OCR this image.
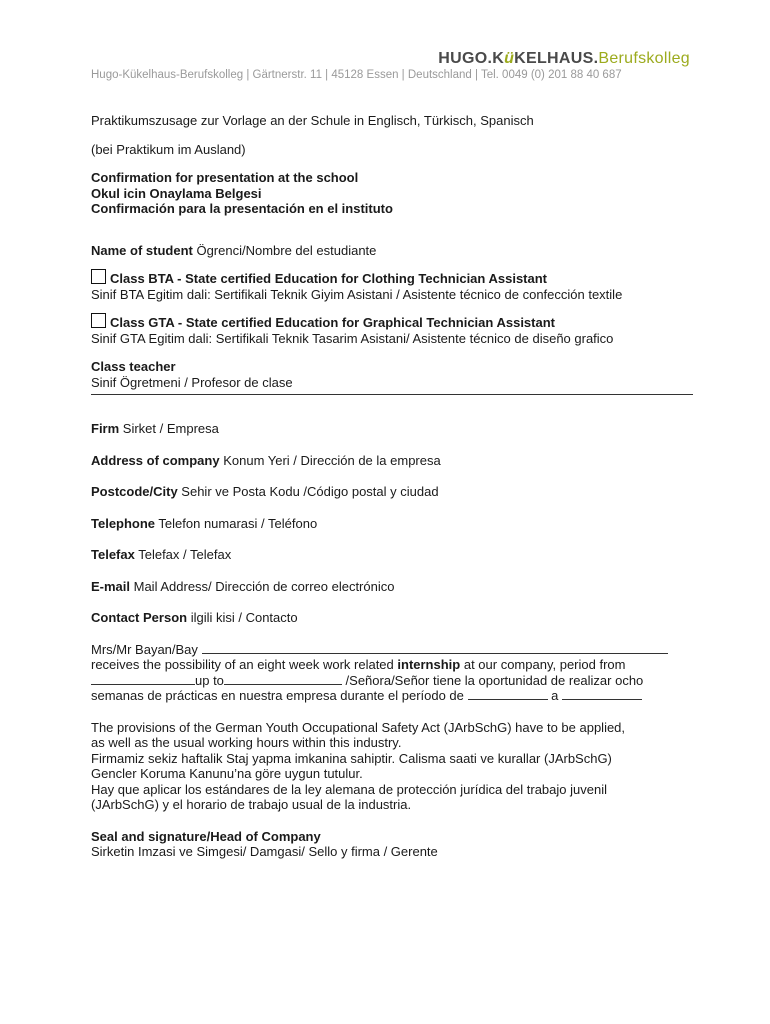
HUGO.KüKELHAUS.Berufskolleg
Hugo-Kükelhaus-Berufskolleg | Gärtnerstr. 11 | 45128 Essen | Deutschland | Tel. 0049 (0) 201 88 40 687

Praktikumszusage zur Vorlage an der Schule in Englisch, Türkisch, Spanisch

(bei Praktikum im Ausland)

Confirmation for presentation at the school

Okul icin Onaylama Belgesi

Confirmación para la presentación en el instituto

Name of student Ögrenci/Nombre del estudiante

Class BTA - State certified Education for Clothing Technician Assistant

Sinif BTA Egitim dali: Sertifikali Teknik Giyim Asistani / Asistente técnico de confección textile

Class GTA - State certified Education for Graphical Technician Assistant

Sinif GTA Egitim dali: Sertifikali Teknik Tasarim Asistani/ Asistente técnico de diseño grafico

Class teacher

Sinif Ögretmeni / Profesor de clase

Firm Sirket / Empresa

Address of company Konum Yeri / Dirección de la empresa

Postcode/City Sehir ve Posta Kodu /Código postal y ciudad

Telephone Telefon numarasi / Teléfono

Telefax Telefax / Telefax

E-mail Mail Address/ Dirección de correo electrónico

Contact Person ilgili kisi / Contacto

Mrs/Mr Bayan/Bay

receives the possibility of an eight week work related internship at our company, period from

up to	/Señora/Señor tiene la oportunidad de realizar ocho

semanas de prácticas en nuestra empresa durante el período de	a

The provisions of the German Youth Occupational Safety Act (JArbSchG) have to be applied,

as well as the usual working hours within this industry.

Firmamiz sekiz haftalik Staj yapma imkanina sahiptir. Calisma saati ve kurallar (JArbSchG)

Gencler Koruma Kanunu’na göre uygun tutulur.

Hay que aplicar los estándares de la ley alemana de protección jurídica del trabajo juvenil

(JArbSchG) y el horario de trabajo usual de la industria.

Seal and signature/Head of Company

Sirketin Imzasi ve Simgesi/ Damgasi/ Sello y firma / Gerente
